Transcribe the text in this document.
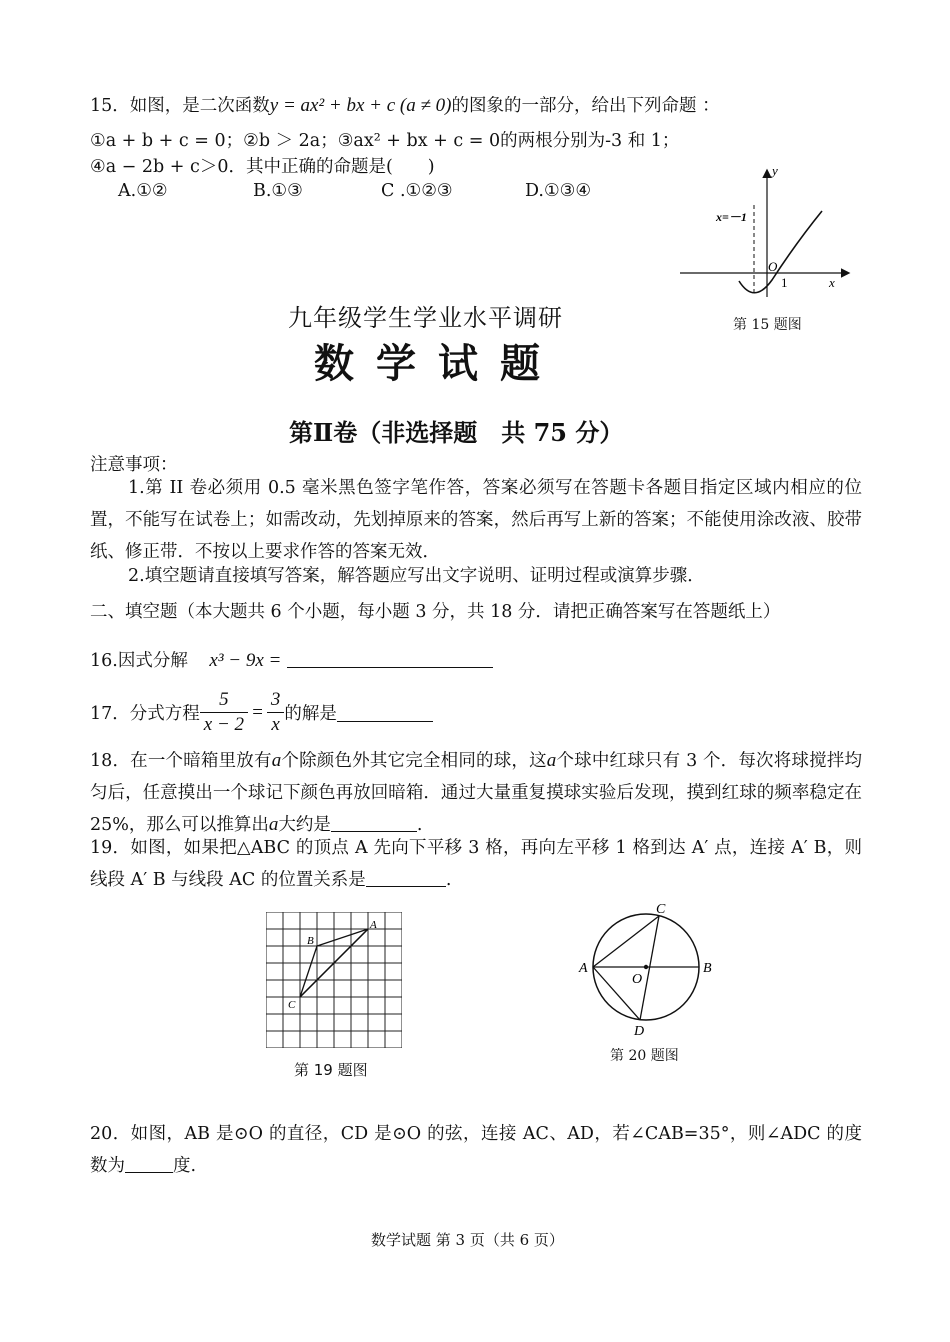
15．如图，是二次函数y = ax² + bx + c (a ≠ 0)的图象的一部分，给出下列命题 ：
①a + b + c = 0；②b ＞ 2a；③ax² + bx + c = 0的两根分别为-3 和 1；
④a − 2b + c＞0．其中正确的命题是(　　)
A.①②	B.①③	C .①②③	D.①③④
y
x
O
1
x=－1
第 15 题图
九年级学生学业水平调研
数学试题
第Ⅱ卷（非选择题　共 75 分）
注意事项：
1.第 II 卷必须用 0.5 毫米黑色签字笔作答，答案必须写在答题卡各题目指定区域内相应的位置，不能写在试卷上；如需改动，先划掉原来的答案，然后再写上新的答案；不能使用涂改液、胶带纸、修正带．不按以上要求作答的答案无效．
2.填空题请直接填写答案，解答题应写出文字说明、证明过程或演算步骤．
二、填空题（本大题共 6 个小题，每小题 3 分，共 18 分．请把正确答案写在答题纸上）
16.因式分解 x³ − 9x =
17．分式方程 $\frac{5}{x - 2} = \frac{3}{x}$ 的解是
18．在一个暗箱里放有a个除颜色外其它完全相同的球，这a个球中红球只有 3 个．每次将球搅拌均匀后，任意摸出一个球记下颜色再放回暗箱．通过大量重复摸球实验后发现，摸到红球的频率稳定在 25%，那么可以推算出a大约是	.
19．如图，如果把△ABC 的顶点 A 先向下平移 3 格，再向左平移 1 格到达 A′ 点，连接 A′ B，则线段 A′ B 与线段 AC 的位置关系是	.
A
B
C
第 19 题图
A	B
C
D
O
第 20 题图
20．如图，AB 是⊙O 的直径，CD 是⊙O 的弦，连接 AC、AD，若∠CAB=35°，则∠ADC 的度数为	度.
数学试题 第 3 页（共 6 页）
